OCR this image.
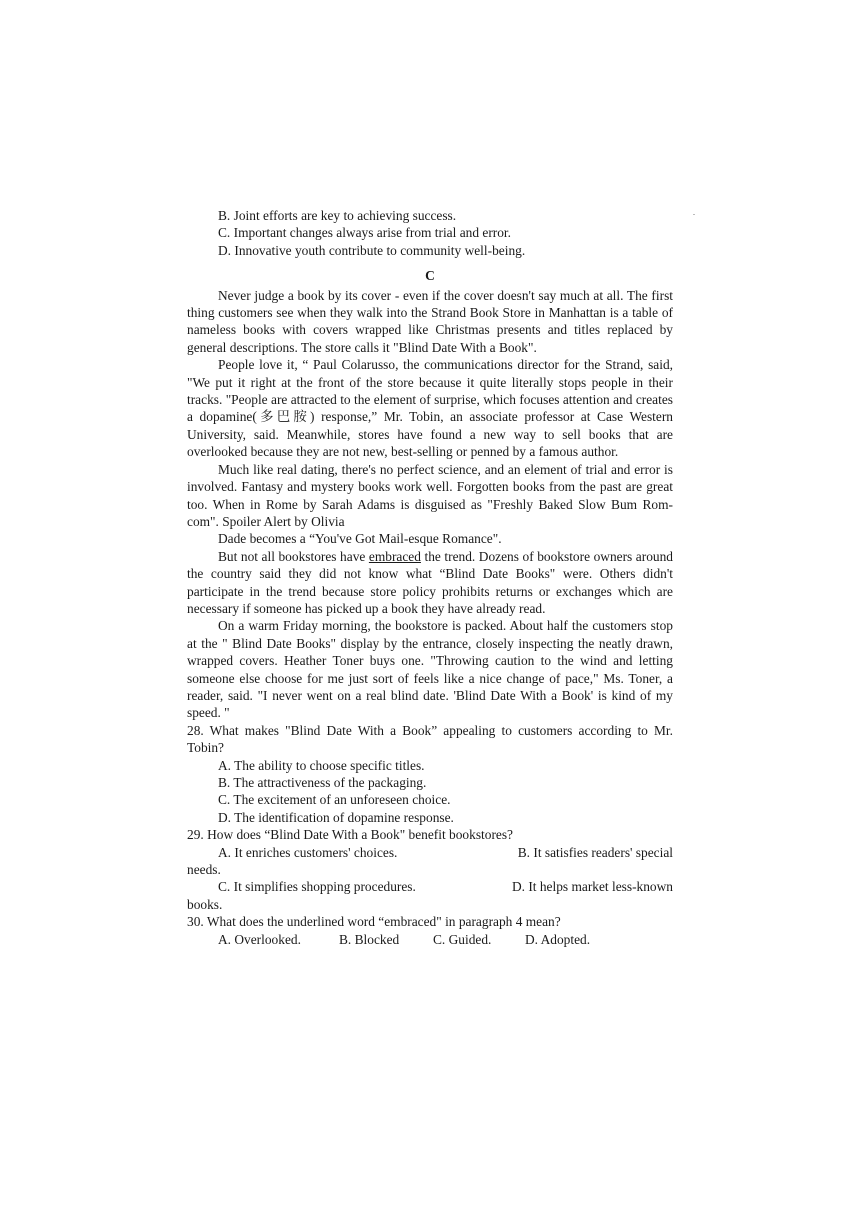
B. Joint efforts are key to achieving success.

C. Important changes always arise from trial and error.

D. Innovative youth contribute to community well-being.

C

Never judge a book by its cover - even if the cover doesn't say much at all. The first thing customers see when they walk into the Strand Book Store in Manhattan is a table of nameless books with covers wrapped like Christmas presents and titles replaced by general descriptions. The store calls it "Blind Date With a Book".

People love it, “ Paul Colarusso, the communications director for the Strand, said, "We put it right at the front of the store because it quite literally stops people in their tracks. "People are attracted to the element of surprise, which focuses attention and creates a dopamine(多巴胺) response,” Mr. Tobin, an associate professor at Case Western University, said. Meanwhile, stores have found a new way to sell books that are overlooked because they are not new, best-selling or penned by a famous author.

Much like real dating, there's no perfect science, and an element of trial and error is involved. Fantasy and mystery books work well. Forgotten books from the past are great too. When in Rome by Sarah Adams is disguised as "Freshly Baked Slow Bum Rom-com". Spoiler Alert by Olivia

Dade becomes a “You've Got Mail-esque Romance".

But not all bookstores have embraced the trend. Dozens of bookstore owners around the country said they did not know what “Blind Date Books" were. Others didn't participate in the trend because store policy prohibits returns or exchanges which are necessary if someone has picked up a book they have already read.

On a warm Friday morning, the bookstore is packed. About half the customers stop at the " Blind Date Books" display by the entrance, closely inspecting the neatly drawn, wrapped covers. Heather Toner buys one. "Throwing caution to the wind and letting someone else choose for me just sort of feels like a nice change of pace," Ms. Toner, a reader, said. "I never went on a real blind date. 'Blind Date With a Book' is kind of my speed. "

28. What makes "Blind Date With a Book” appealing to customers according to Mr. Tobin?

A. The ability to choose specific titles.

B. The attractiveness of the packaging.

C. The excitement of an unforeseen choice.

D. The identification of dopamine response.

29. How does “Blind Date With a Book" benefit bookstores?

A. It enriches customers' choices.	B. It satisfies readers' special

needs.

C. It simplifies shopping procedures.	D. It helps market less-known

books.

30. What does the underlined word “embraced" in paragraph 4 mean?

A. Overlooked.	B. Blocked	C. Guided.	D. Adopted.
